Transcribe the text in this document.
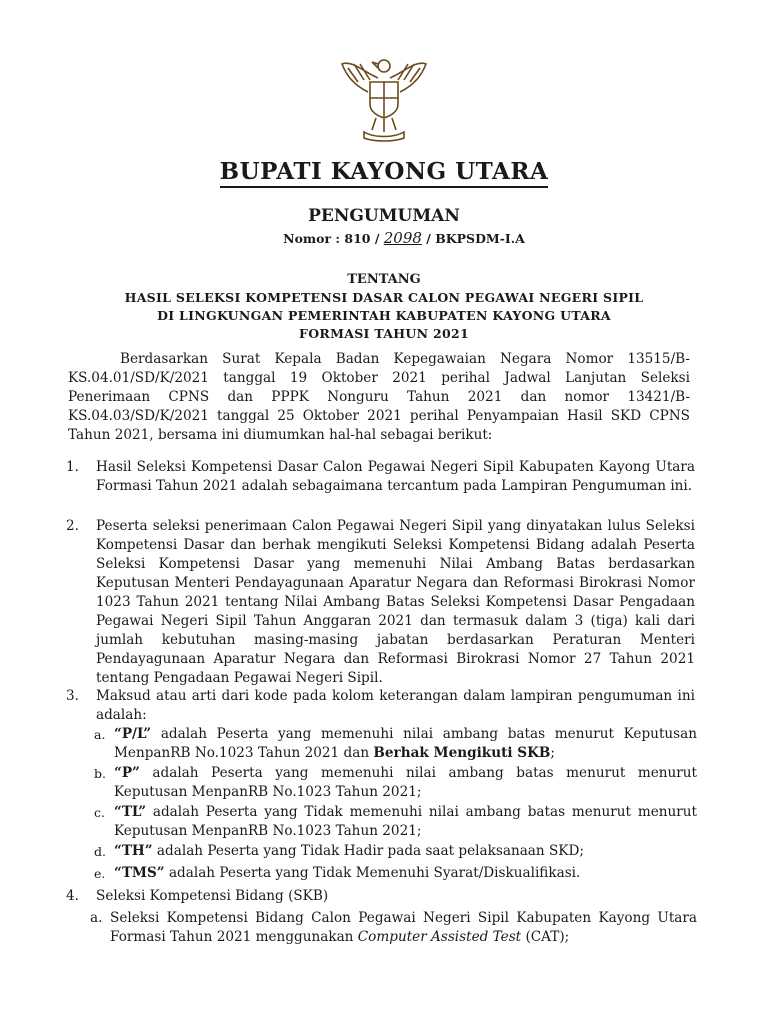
BUPATI KAYONG UTARA
PENGUMUMAN
Nomor : 810 / 2098 / BKPSDM-I.A
TENTANG
HASIL SELEKSI KOMPETENSI DASAR CALON PEGAWAI NEGERI SIPIL
DI LINGKUNGAN PEMERINTAH KABUPATEN KAYONG UTARA
FORMASI TAHUN 2021
Berdasarkan Surat Kepala Badan Kepegawaian Negara Nomor 13515/B-KS.04.01/SD/K/2021 tanggal 19 Oktober 2021 perihal Jadwal Lanjutan Seleksi Penerimaan CPNS dan PPPK Nonguru Tahun 2021 dan nomor 13421/B-KS.04.03/SD/K/2021 tanggal 25 Oktober 2021 perihal Penyampaian Hasil SKD CPNS Tahun 2021, bersama ini diumumkan hal-hal sebagai berikut:
1. Hasil Seleksi Kompetensi Dasar Calon Pegawai Negeri Sipil Kabupaten Kayong Utara Formasi Tahun 2021 adalah sebagaimana tercantum pada Lampiran Pengumuman ini.
2. Peserta seleksi penerimaan Calon Pegawai Negeri Sipil yang dinyatakan lulus Seleksi Kompetensi Dasar dan berhak mengikuti Seleksi Kompetensi Bidang adalah Peserta Seleksi Kompetensi Dasar yang memenuhi Nilai Ambang Batas berdasarkan Keputusan Menteri Pendayagunaan Aparatur Negara dan Reformasi Birokrasi Nomor 1023 Tahun 2021 tentang Nilai Ambang Batas Seleksi Kompetensi Dasar Pengadaan Pegawai Negeri Sipil Tahun Anggaran 2021 dan termasuk dalam 3 (tiga) kali dari jumlah kebutuhan masing-masing jabatan berdasarkan Peraturan Menteri Pendayagunaan Aparatur Negara dan Reformasi Birokrasi Nomor 27 Tahun 2021 tentang Pengadaan Pegawai Negeri Sipil.
3. Maksud atau arti dari kode pada kolom keterangan dalam lampiran pengumuman ini adalah:
a. “P/L” adalah Peserta yang memenuhi nilai ambang batas menurut Keputusan MenpanRB No.1023 Tahun 2021 dan Berhak Mengikuti SKB;
b. “P” adalah Peserta yang memenuhi nilai ambang batas menurut menurut Keputusan MenpanRB No.1023 Tahun 2021;
c. “TL” adalah Peserta yang Tidak memenuhi nilai ambang batas menurut menurut Keputusan MenpanRB No.1023 Tahun 2021;
d. “TH” adalah Peserta yang Tidak Hadir pada saat pelaksanaan SKD;
e. “TMS” adalah Peserta yang Tidak Memenuhi Syarat/Diskualifikasi.
4. Seleksi Kompetensi Bidang (SKB)
a. Seleksi Kompetensi Bidang Calon Pegawai Negeri Sipil Kabupaten Kayong Utara Formasi Tahun 2021 menggunakan Computer Assisted Test (CAT);
